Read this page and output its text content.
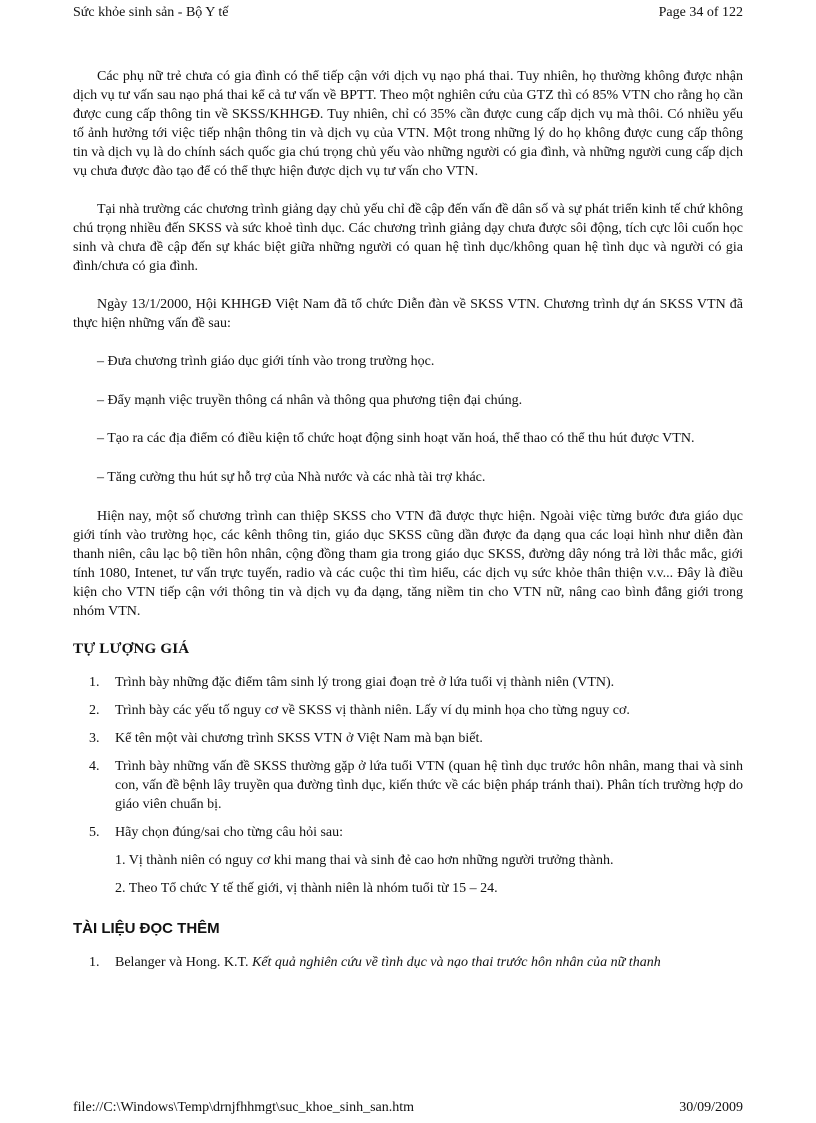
Sức khỏe sinh sản - Bộ Y tế	Page 34 of 122

Các phụ nữ trẻ chưa có gia đình có thể tiếp cận với dịch vụ nạo phá thai. Tuy nhiên, họ thường không được nhận dịch vụ tư vấn sau nạo phá thai kể cả tư vấn về BPTT. Theo một nghiên cứu của GTZ thì có 85% VTN cho rằng họ cần được cung cấp thông tin về SKSS/KHHGĐ. Tuy nhiên, chỉ có 35% cần được cung cấp dịch vụ mà thôi. Có nhiều yếu tố ảnh hưởng tới việc tiếp nhận thông tin và dịch vụ của VTN. Một trong những lý do họ không được cung cấp thông tin và dịch vụ là do chính sách quốc gia chú trọng chủ yếu vào những người có gia đình, và những người cung cấp dịch vụ chưa được đào tạo để có thể thực hiện được dịch vụ tư vấn cho VTN.

Tại nhà trường các chương trình giảng dạy chủ yếu chỉ đề cập đến vấn đề dân số và sự phát triển kinh tế chứ không chú trọng nhiều đến SKSS và sức khoẻ tình dục. Các chương trình giảng dạy chưa được sôi động, tích cực lôi cuốn học sinh và chưa đề cập đến sự khác biệt giữa những người có quan hệ tình dục/không quan hệ tình dục và người có gia đình/chưa có gia đình.

Ngày 13/1/2000, Hội KHHGĐ Việt Nam đã tổ chức Diễn đàn về SKSS VTN. Chương trình dự án SKSS VTN đã thực hiện những vấn đề sau:

– Đưa chương trình giáo dục giới tính vào trong trường học.

– Đẩy mạnh việc truyền thông cá nhân và thông qua phương tiện đại chúng.

– Tạo ra các địa điểm có điều kiện tổ chức hoạt động sinh hoạt văn hoá, thể thao có thể thu hút được VTN.

– Tăng cường thu hút sự hỗ trợ của Nhà nước và các nhà tài trợ khác.

Hiện nay, một số chương trình can thiệp SKSS cho VTN đã được thực hiện. Ngoài việc từng bước đưa giáo dục giới tính vào trường học, các kênh thông tin, giáo dục SKSS cũng dần được đa dạng qua các loại hình như diễn đàn thanh niên, câu lạc bộ tiền hôn nhân, cộng đồng tham gia trong giáo dục SKSS, đường dây nóng trả lời thắc mắc, giới tính 1080, Intenet, tư vấn trực tuyến, radio và các cuộc thi tìm hiểu, các dịch vụ sức khỏe thân thiện v.v... Đây là điều kiện cho VTN tiếp cận với thông tin và dịch vụ đa dạng, tăng niềm tin cho VTN nữ, nâng cao bình đẳng giới trong nhóm VTN.

TỰ LƯỢNG GIÁ
1.	Trình bày những đặc điểm tâm sinh lý trong giai đoạn trẻ ở lứa tuổi vị thành niên (VTN).
2.	Trình bày các yếu tố nguy cơ về SKSS vị thành niên. Lấy ví dụ minh họa cho từng nguy cơ.
3.	Kể tên một vài chương trình SKSS VTN ở Việt Nam mà bạn biết.
4.	Trình bày những vấn đề SKSS thường gặp ở lứa tuổi VTN (quan hệ tình dục trước hôn nhân, mang thai và sinh con, vấn đề bệnh lây truyền qua đường tình dục, kiến thức về các biện pháp tránh thai). Phân tích trường hợp do giáo viên chuẩn bị.
5.	Hãy chọn đúng/sai cho từng câu hỏi sau:
1. Vị thành niên có nguy cơ khi mang thai và sinh đẻ cao hơn những người trưởng thành.
2. Theo Tổ chức Y tế thế giới, vị thành niên là nhóm tuổi từ 15 – 24.
TÀI LIỆU ĐỌC THÊM
1.	Belanger và Hong. K.T. Kết quả nghiên cứu về tình dục và nạo thai trước hôn nhân của nữ thanh
file://C:\Windows\Temp\drnjfhhmgt\suc_khoe_sinh_san.htm	30/09/2009
